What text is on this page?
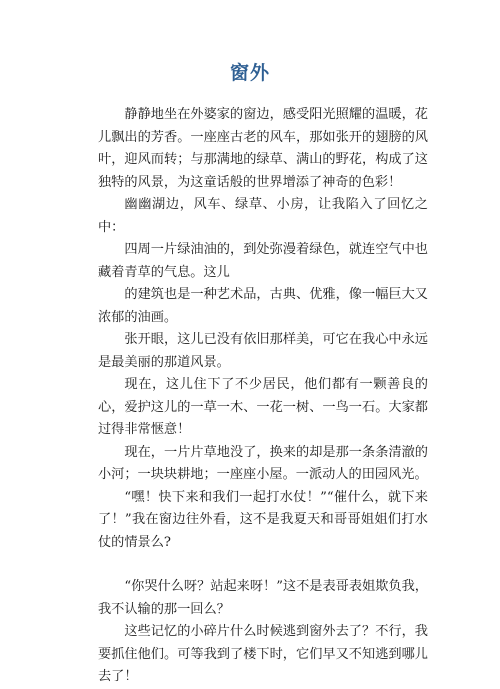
窗外

静静地坐在外婆家的窗边，感受阳光照耀的温暖，花儿飘出的芳香。一座座古老的风车，那如张开的翅膀的风叶，迎风而转；与那满地的绿草、满山的野花，构成了这独特的风景，为这童话般的世界增添了神奇的色彩！

幽幽湖边，风车、绿草、小房，让我陷入了回忆之中：

四周一片绿油油的，到处弥漫着绿色，就连空气中也藏着青草的气息。这儿

的建筑也是一种艺术品，古典、优雅，像一幅巨大又浓郁的油画。

张开眼，这儿已没有依旧那样美，可它在我心中永远是最美丽的那道风景。

现在，这儿住下了不少居民，他们都有一颗善良的心，爱护这儿的一草一木、一花一树、一鸟一石。大家都过得非常惬意！

现在，一片片草地没了，换来的却是那一条条清澈的小河；一块块耕地；一座座小屋。一派动人的田园风光。

“嘿！快下来和我们一起打水仗！”“催什么，就下来了！”我在窗边往外看，这不是我夏天和哥哥姐姐们打水仗的情景么?

“你哭什么呀？站起来呀！”这不是表哥表姐欺负我，我不认输的那一回么？

这些记忆的小碎片什么时候逃到窗外去了？不行，我要抓住他们。可等我到了楼下时，它们早又不知逃到哪儿去了！
